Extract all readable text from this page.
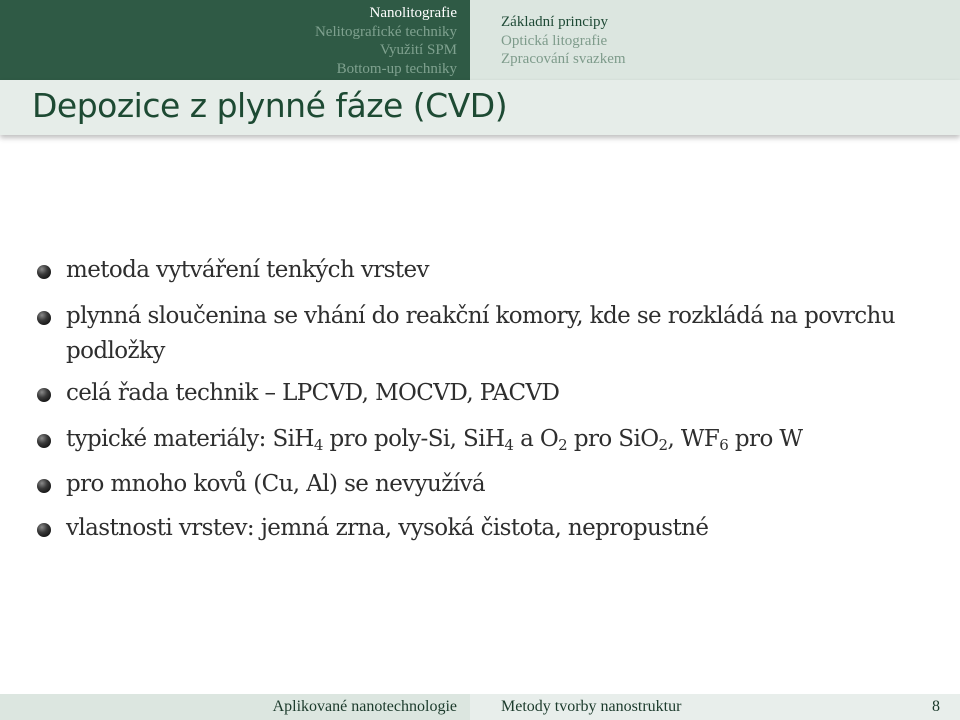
Nanolitografie
Nelitografické techniky
Využití SPM
Bottom-up techniky
Základní principy
Optická litografie
Zpracování svazkem
Depozice z plynné fáze (CVD)
metoda vytváření tenkých vrstev
plynná sloučenina se vhání do reakční komory, kde se rozkládá na povrchu podložky
celá řada technik – LPCVD, MOCVD, PACVD
typické materiály: SiH$_4$ pro poly-Si, SiH$_4$ a $O_2$ pro SiO$_2$, $WF_6$ pro W
pro mnoho kovů (Cu, Al) se nevyužívá
vlastnosti vrstev: jemná zrna, vysoká čistota, nepropustné
Aplikované nanotechnologie	Metody tvorby nanostruktur	8
